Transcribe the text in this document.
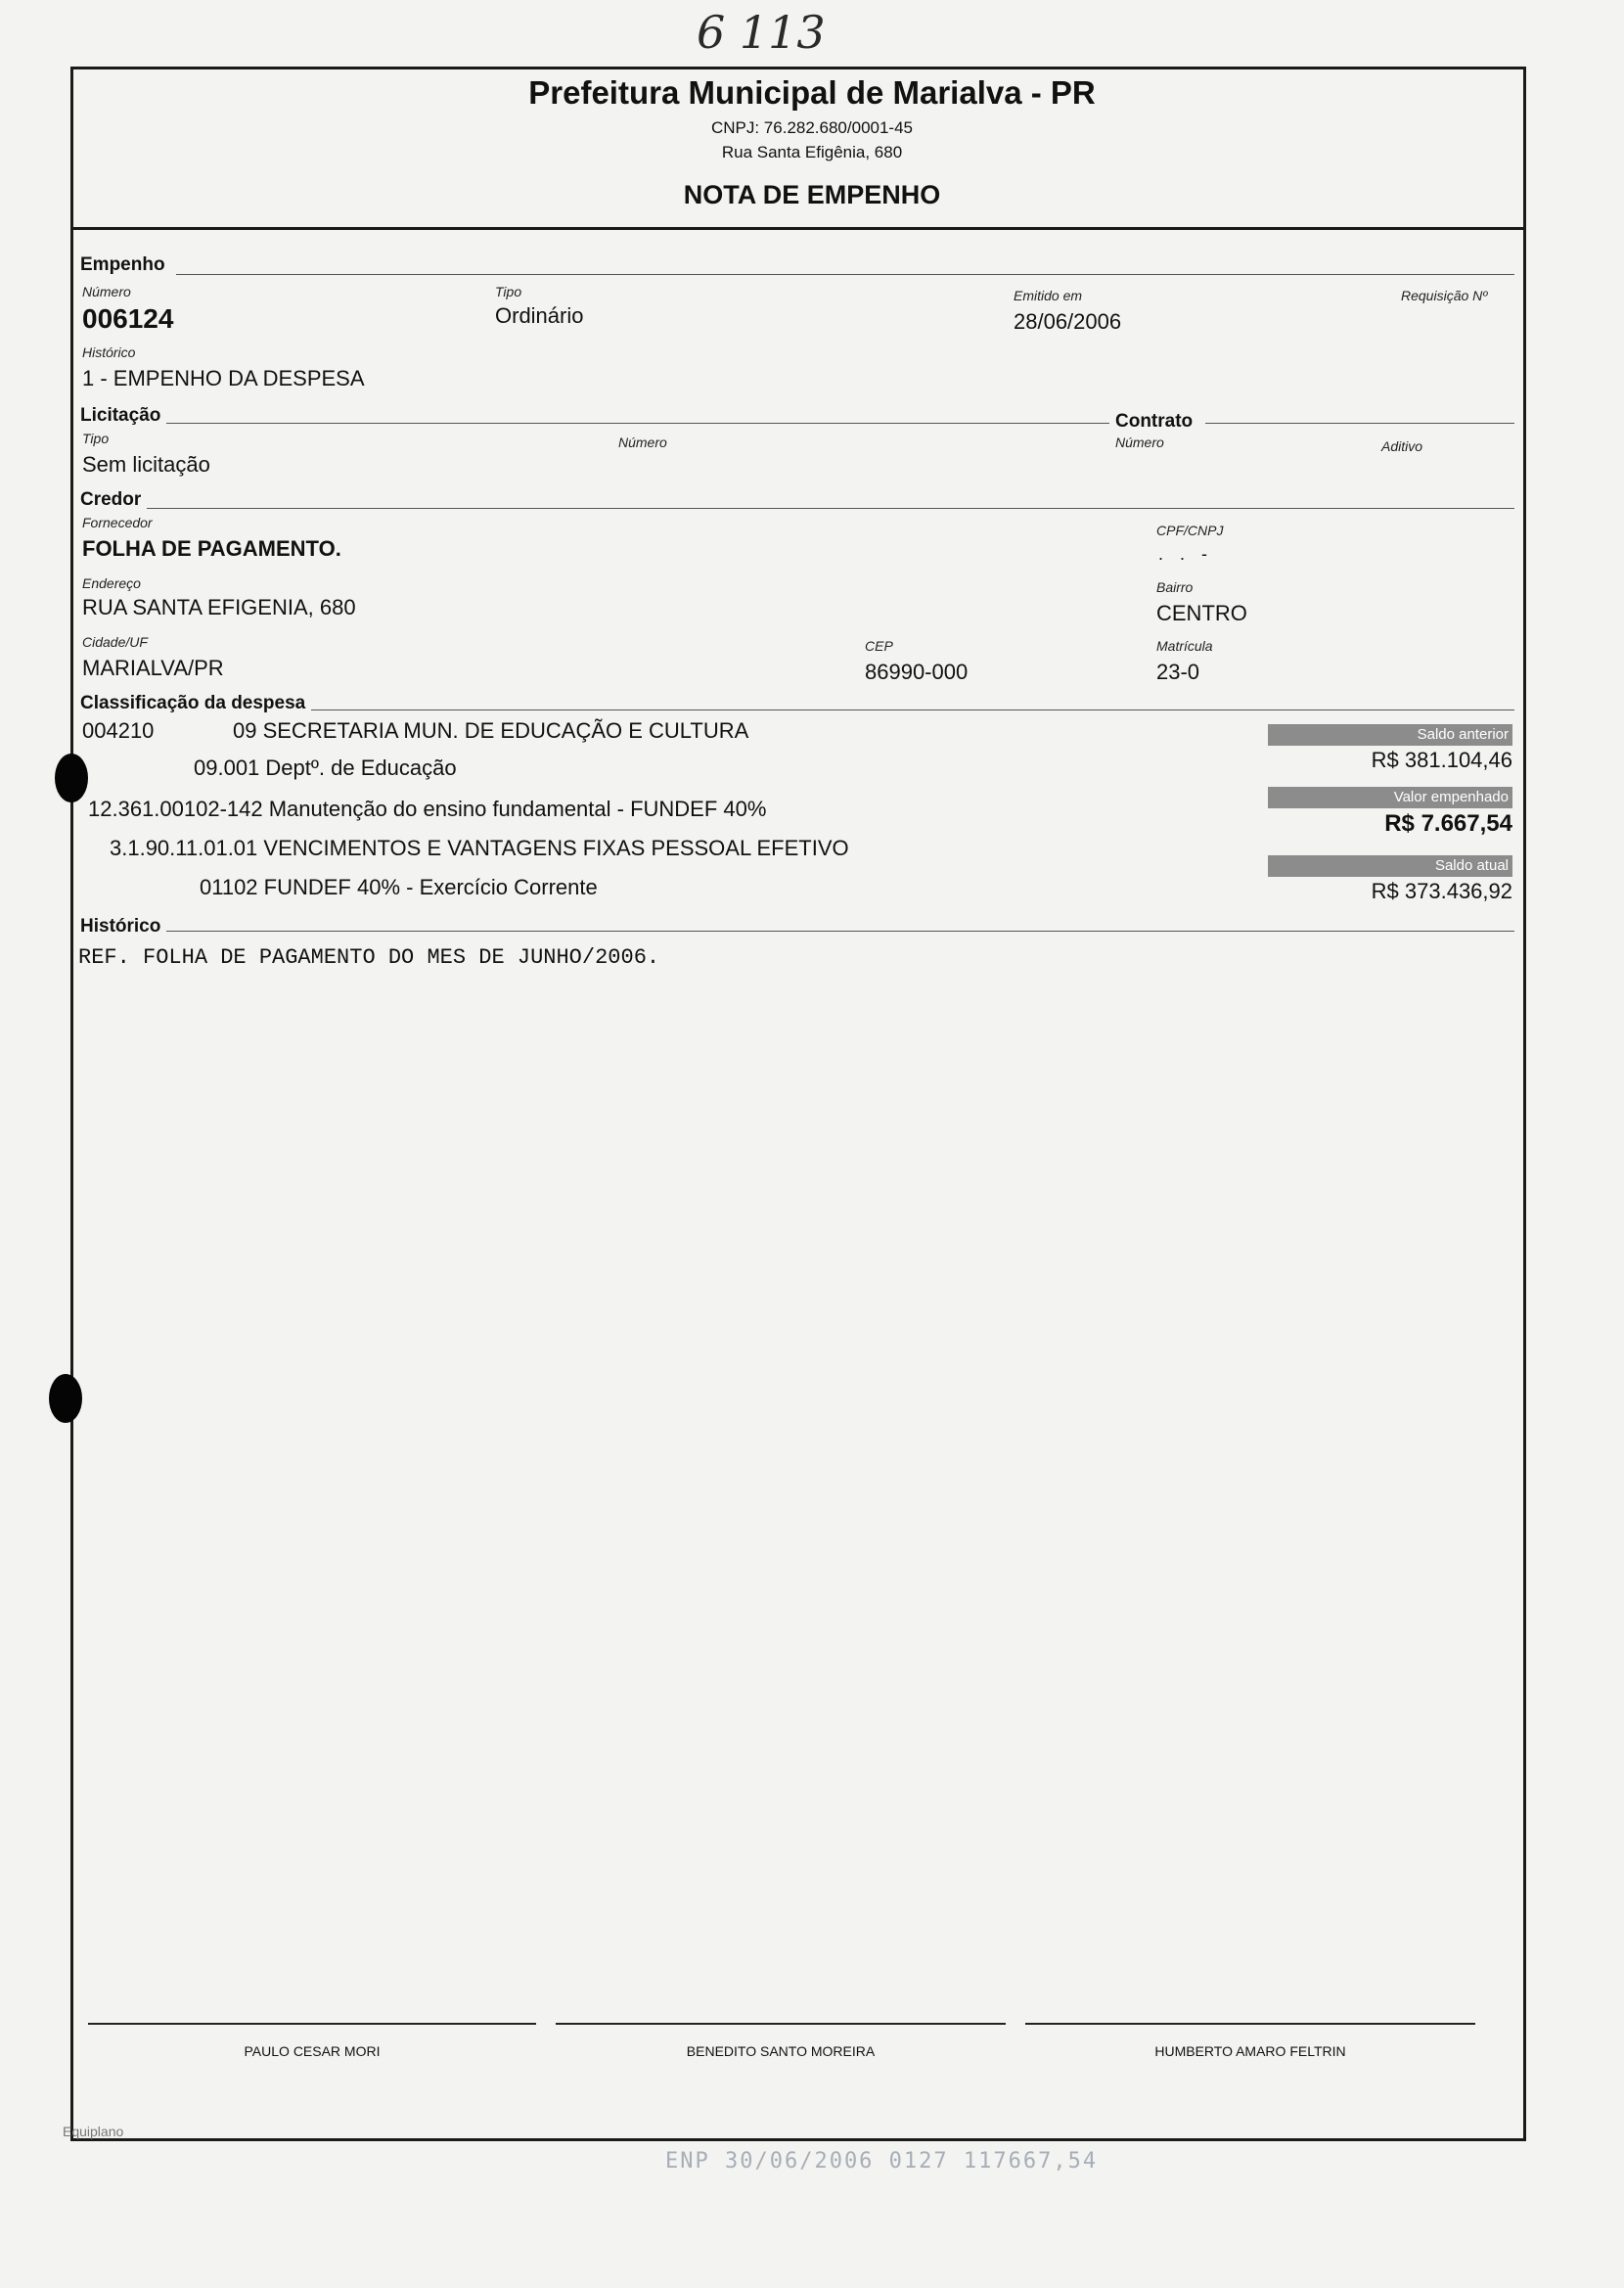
6 113
Prefeitura Municipal de Marialva - PR
CNPJ: 76.282.680/0001-45
Rua Santa Efigênia, 680
NOTA DE EMPENHO
Empenho
Número
006124
Tipo
Ordinário
Emitido em
28/06/2006
Requisição Nº
Histórico
1 - EMPENHO DA DESPESA
Licitação	Contrato
Tipo
Sem licitação
Número	Número	Aditivo
Credor
Fornecedor
FOLHA DE PAGAMENTO.
CPF/CNPJ
. . -
Endereço
RUA SANTA EFIGENIA, 680
Bairro
CENTRO
Cidade/UF
MARIALVA/PR
CEP
86990-000
Matrícula
23-0
Classificação da despesa
004210	09 SECRETARIA MUN. DE EDUCAÇÃO E CULTURA
09.001 Deptº. de Educação
12.361.00102-142 Manutenção do ensino fundamental - FUNDEF 40%
3.1.90.11.01.01 VENCIMENTOS E VANTAGENS FIXAS PESSOAL EFETIVO
01102 FUNDEF 40% - Exercício Corrente
Saldo anterior
R$ 381.104,46
Valor empenhado
R$ 7.667,54
Saldo atual
R$ 373.436,92
Histórico
REF. FOLHA DE PAGAMENTO DO MES DE JUNHO/2006.
PAULO CESAR MORI	BENEDITO SANTO MOREIRA	HUMBERTO AMARO FELTRIN
Equiplano
ENP 30/06/2006 0127 117667,54
